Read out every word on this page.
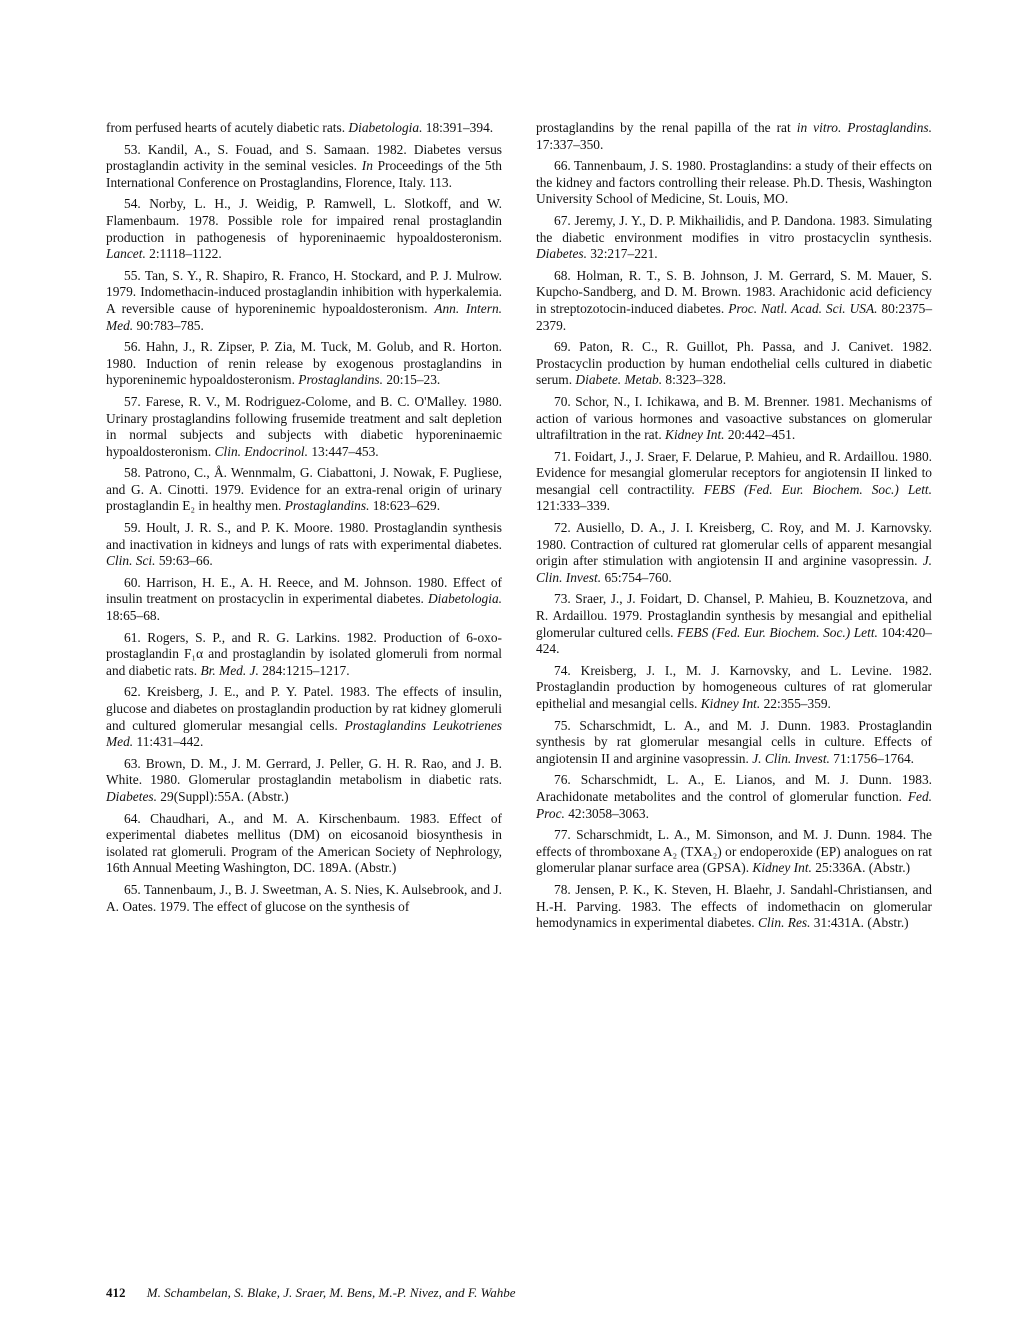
from perfused hearts of acutely diabetic rats. Diabetologia. 18:391–394.

53. Kandil, A., S. Fouad, and S. Samaan. 1982. Diabetes versus prostaglandin activity in the seminal vesicles. In Proceedings of the 5th International Conference on Prostaglandins, Florence, Italy. 113.

54. Norby, L. H., J. Weidig, P. Ramwell, L. Slotkoff, and W. Flamenbaum. 1978. Possible role for impaired renal prostaglandin production in pathogenesis of hyporeninaemic hypoaldosteronism. Lancet. 2:1118–1122.

55. Tan, S. Y., R. Shapiro, R. Franco, H. Stockard, and P. J. Mulrow. 1979. Indomethacin-induced prostaglandin inhibition with hyperkalemia. A reversible cause of hyporeninemic hypoaldosteronism. Ann. Intern. Med. 90:783–785.

56. Hahn, J., R. Zipser, P. Zia, M. Tuck, M. Golub, and R. Horton. 1980. Induction of renin release by exogenous prostaglandins in hyporeninemic hypoaldosteronism. Prostaglandins. 20:15–23.

57. Farese, R. V., M. Rodriguez-Colome, and B. C. O'Malley. 1980. Urinary prostaglandins following frusemide treatment and salt depletion in normal subjects and subjects with diabetic hyporeninaemic hypoaldosteronism. Clin. Endocrinol. 13:447–453.

58. Patrono, C., Å. Wennmalm, G. Ciabattoni, J. Nowak, F. Pugliese, and G. A. Cinotti. 1979. Evidence for an extra-renal origin of urinary prostaglandin E₂ in healthy men. Prostaglandins. 18:623–629.

59. Hoult, J. R. S., and P. K. Moore. 1980. Prostaglandin synthesis and inactivation in kidneys and lungs of rats with experimental diabetes. Clin. Sci. 59:63–66.

60. Harrison, H. E., A. H. Reece, and M. Johnson. 1980. Effect of insulin treatment on prostacyclin in experimental diabetes. Diabetologia. 18:65–68.

61. Rogers, S. P., and R. G. Larkins. 1982. Production of 6-oxo-prostaglandin F₁α and prostaglandin by isolated glomeruli from normal and diabetic rats. Br. Med. J. 284:1215–1217.

62. Kreisberg, J. E., and P. Y. Patel. 1983. The effects of insulin, glucose and diabetes on prostaglandin production by rat kidney glomeruli and cultured glomerular mesangial cells. Prostaglandins Leukotrienes Med. 11:431–442.

63. Brown, D. M., J. M. Gerrard, J. Peller, G. H. R. Rao, and J. B. White. 1980. Glomerular prostaglandin metabolism in diabetic rats. Diabetes. 29(Suppl):55A. (Abstr.)

64. Chaudhari, A., and M. A. Kirschenbaum. 1983. Effect of experimental diabetes mellitus (DM) on eicosanoid biosynthesis in isolated rat glomeruli. Program of the American Society of Nephrology, 16th Annual Meeting Washington, DC. 189A. (Abstr.)

65. Tannenbaum, J., B. J. Sweetman, A. S. Nies, K. Aulsebrook, and J. A. Oates. 1979. The effect of glucose on the synthesis of

prostaglandins by the renal papilla of the rat in vitro. Prostaglandins. 17:337–350.

66. Tannenbaum, J. S. 1980. Prostaglandins: a study of their effects on the kidney and factors controlling their release. Ph.D. Thesis, Washington University School of Medicine, St. Louis, MO.

67. Jeremy, J. Y., D. P. Mikhailidis, and P. Dandona. 1983. Simulating the diabetic environment modifies in vitro prostacyclin synthesis. Diabetes. 32:217–221.

68. Holman, R. T., S. B. Johnson, J. M. Gerrard, S. M. Mauer, S. Kupcho-Sandberg, and D. M. Brown. 1983. Arachidonic acid deficiency in streptozotocin-induced diabetes. Proc. Natl. Acad. Sci. USA. 80:2375–2379.

69. Paton, R. C., R. Guillot, Ph. Passa, and J. Canivet. 1982. Prostacyclin production by human endothelial cells cultured in diabetic serum. Diabete. Metab. 8:323–328.

70. Schor, N., I. Ichikawa, and B. M. Brenner. 1981. Mechanisms of action of various hormones and vasoactive substances on glomerular ultrafiltration in the rat. Kidney Int. 20:442–451.

71. Foidart, J., J. Sraer, F. Delarue, P. Mahieu, and R. Ardaillou. 1980. Evidence for mesangial glomerular receptors for angiotensin II linked to mesangial cell contractility. FEBS (Fed. Eur. Biochem. Soc.) Lett. 121:333–339.

72. Ausiello, D. A., J. I. Kreisberg, C. Roy, and M. J. Karnovsky. 1980. Contraction of cultured rat glomerular cells of apparent mesangial origin after stimulation with angiotensin II and arginine vasopressin. J. Clin. Invest. 65:754–760.

73. Sraer, J., J. Foidart, D. Chansel, P. Mahieu, B. Kouznetzova, and R. Ardaillou. 1979. Prostaglandin synthesis by mesangial and epithelial glomerular cultured cells. FEBS (Fed. Eur. Biochem. Soc.) Lett. 104:420–424.

74. Kreisberg, J. I., M. J. Karnovsky, and L. Levine. 1982. Prostaglandin production by homogeneous cultures of rat glomerular epithelial and mesangial cells. Kidney Int. 22:355–359.

75. Scharschmidt, L. A., and M. J. Dunn. 1983. Prostaglandin synthesis by rat glomerular mesangial cells in culture. Effects of angiotensin II and arginine vasopressin. J. Clin. Invest. 71:1756–1764.

76. Scharschmidt, L. A., E. Lianos, and M. J. Dunn. 1983. Arachidonate metabolites and the control of glomerular function. Fed. Proc. 42:3058–3063.

77. Scharschmidt, L. A., M. Simonson, and M. J. Dunn. 1984. The effects of thromboxane A₂ (TXA₂) or endoperoxide (EP) analogues on rat glomerular planar surface area (GPSA). Kidney Int. 25:336A. (Abstr.)

78. Jensen, P. K., K. Steven, H. Blaehr, J. Sandahl-Christiansen, and H.-H. Parving. 1983. The effects of indomethacin on glomerular hemodynamics in experimental diabetes. Clin. Res. 31:431A. (Abstr.)

412 M. Schambelan, S. Blake, J. Sraer, M. Bens, M.-P. Nivez, and F. Wahbe
